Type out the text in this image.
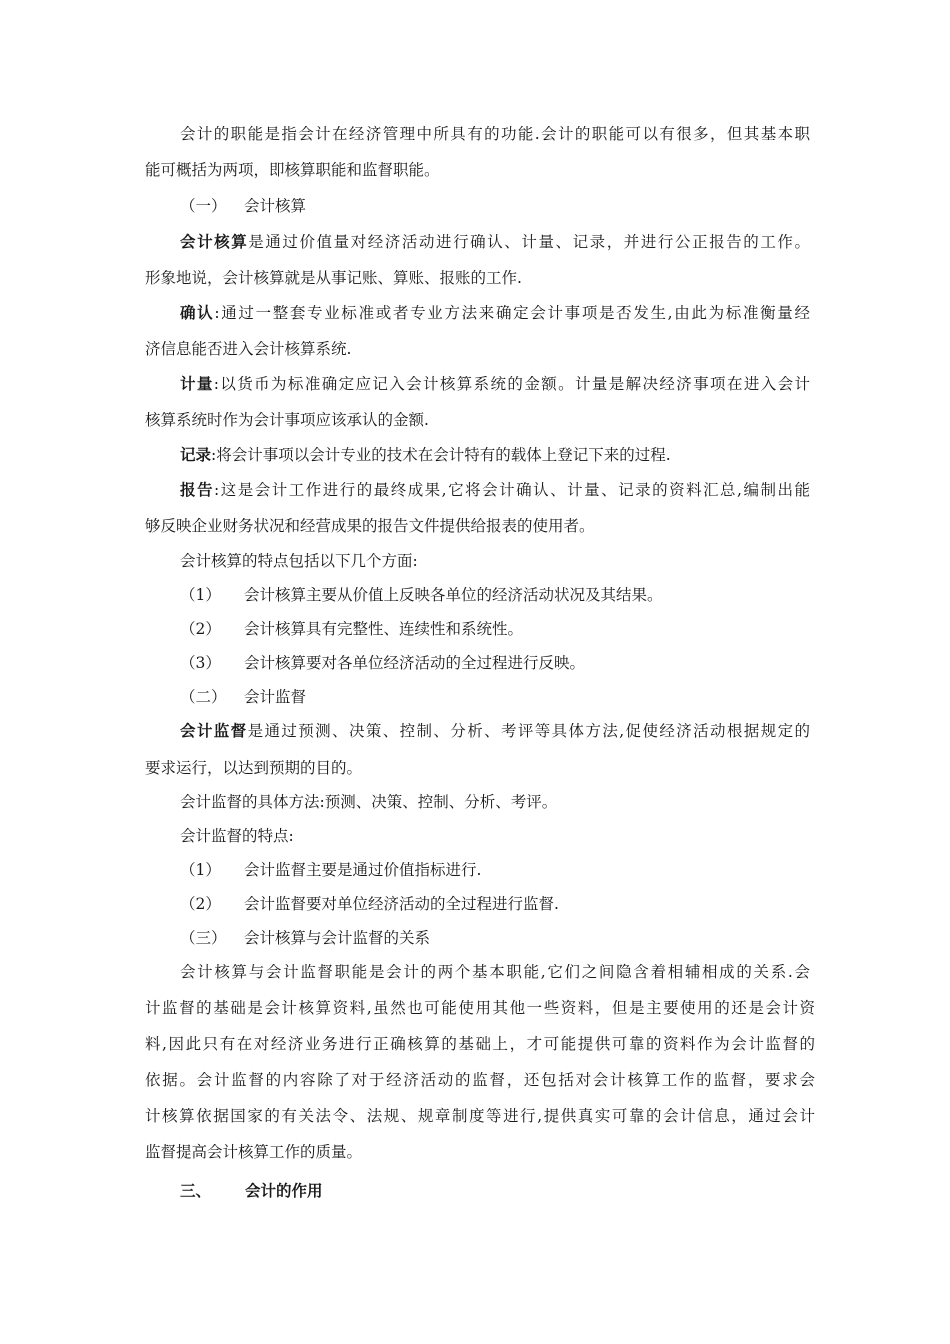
会计的职能是指会计在经济管理中所具有的功能.会计的职能可以有很多，但其基本职

能可概括为两项，即核算职能和监督职能。

（一） 会计核算

会计核算是通过价值量对经济活动进行确认、计量、记录，并进行公正报告的工作。

形象地说，会计核算就是从事记账、算账、报账的工作.

确认:通过一整套专业标准或者专业方法来确定会计事项是否发生,由此为标准衡量经

济信息能否进入会计核算系统.

计量:以货币为标准确定应记入会计核算系统的金额。计量是解决经济事项在进入会计

核算系统时作为会计事项应该承认的金额.

记录:将会计事项以会计专业的技术在会计特有的载体上登记下来的过程.

报告:这是会计工作进行的最终成果,它将会计确认、计量、记录的资料汇总,编制出能

够反映企业财务状况和经营成果的报告文件提供给报表的使用者。

会计核算的特点包括以下几个方面:

（1） 会计核算主要从价值上反映各单位的经济活动状况及其结果。

（2） 会计核算具有完整性、连续性和系统性。

（3） 会计核算要对各单位经济活动的全过程进行反映。

（二） 会计监督

会计监督是通过预测、决策、控制、分析、考评等具体方法,促使经济活动根据规定的

要求运行，以达到预期的目的。

会计监督的具体方法:预测、决策、控制、分析、考评。

会计监督的特点:

（1） 会计监督主要是通过价值指标进行.

（2） 会计监督要对单位经济活动的全过程进行监督.

（三） 会计核算与会计监督的关系

会计核算与会计监督职能是会计的两个基本职能,它们之间隐含着相辅相成的关系.会

计监督的基础是会计核算资料,虽然也可能使用其他一些资料，但是主要使用的还是会计资

料,因此只有在对经济业务进行正确核算的基础上，才可能提供可靠的资料作为会计监督的

依据。会计监督的内容除了对于经济活动的监督，还包括对会计核算工作的监督，要求会

计核算依据国家的有关法令、法规、规章制度等进行,提供真实可靠的会计信息，通过会计

监督提高会计核算工作的质量。

三、 会计的作用
